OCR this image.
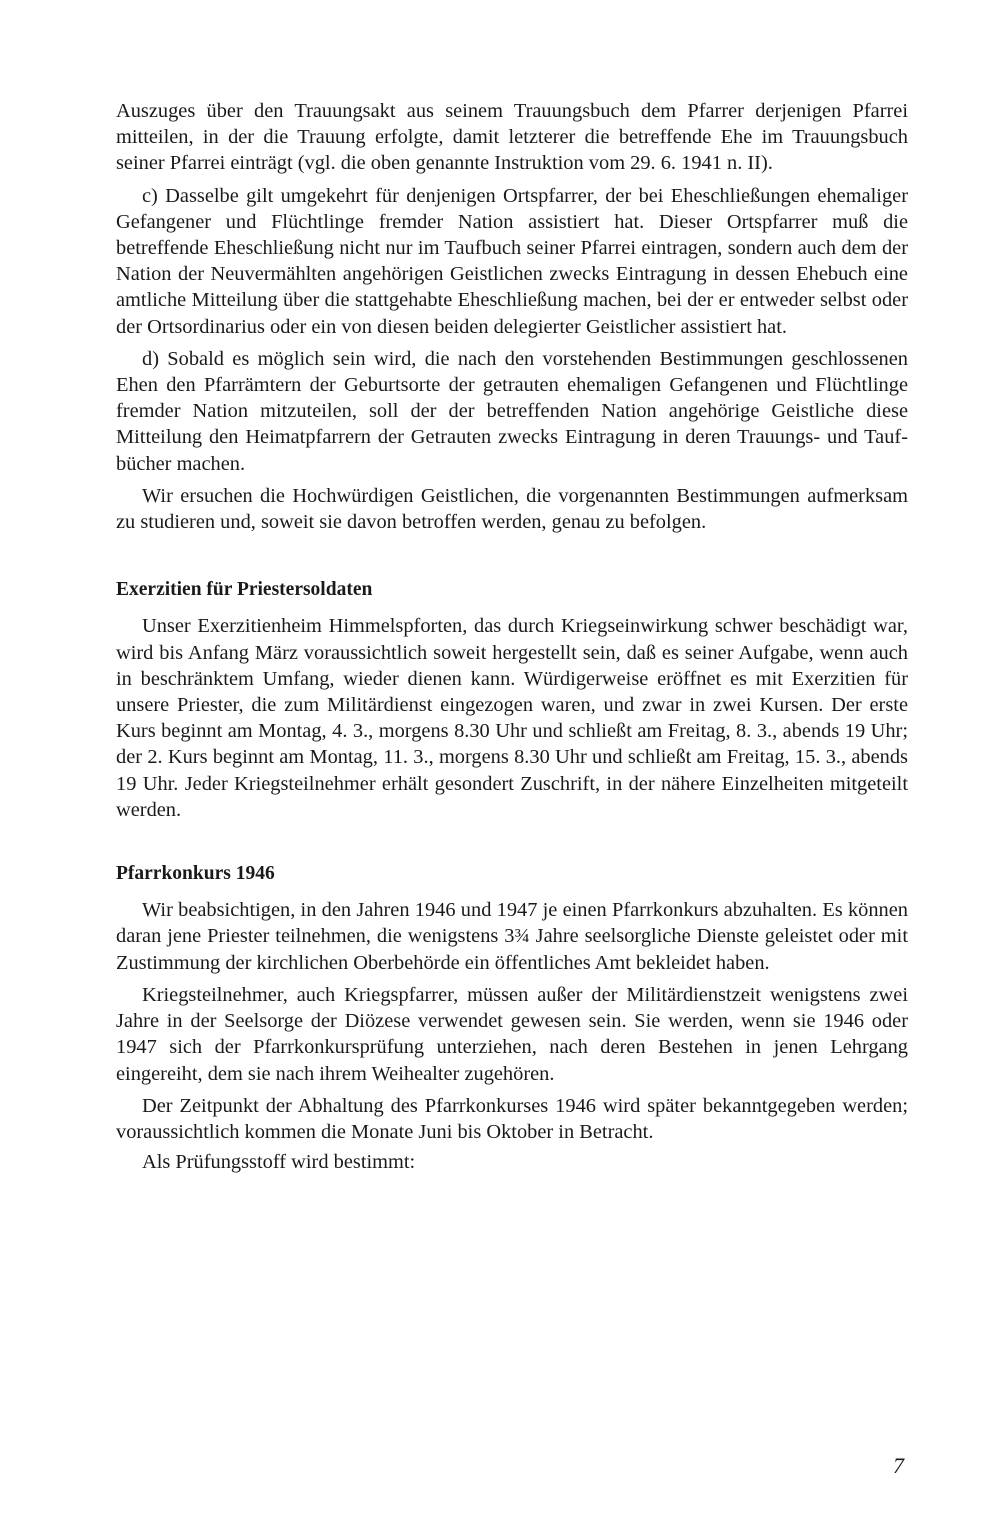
Auszuges über den Trauungsakt aus seinem Trauungsbuch dem Pfarrer derjenigen Pfarrei mitteilen, in der die Trauung erfolgte, damit letzterer die betreffende Ehe im Trauungsbuch seiner Pfarrei einträgt (vgl. die oben genannte Instruktion vom 29. 6. 1941 n. II).

c) Dasselbe gilt umgekehrt für denjenigen Ortspfarrer, der bei Eheschließungen ehemaliger Gefangener und Flüchtlinge fremder Nation assistiert hat. Dieser Ortspfarrer muß die betreffende Eheschließung nicht nur im Taufbuch seiner Pfarrei eintragen, sondern auch dem der Nation der Neuvermählten angehörigen Geistlichen zwecks Eintragung in dessen Ehebuch eine amtliche Mitteilung über die stattgehabte Eheschließung machen, bei der er entweder selbst oder der Ortsordinarius oder ein von diesen beiden delegierter Geistlicher assistiert hat.

d) Sobald es möglich sein wird, die nach den vorstehenden Bestimmungen geschlossenen Ehen den Pfarrämtern der Geburtsorte der getrauten ehemaligen Gefangenen und Flüchtlinge fremder Nation mitzuteilen, soll der der betreffenden Nation angehörige Geistliche diese Mitteilung den Heimatpfarrern der Getrauten zwecks Eintragung in deren Trauungs- und Taufbücher machen.

Wir ersuchen die Hochwürdigen Geistlichen, die vorgenannten Bestimmungen aufmerksam zu studieren und, soweit sie davon betroffen werden, genau zu befolgen.

Exerzitien für Priestersoldaten

Unser Exerzitienheim Himmelspforten, das durch Kriegseinwirkung schwer beschädigt war, wird bis Anfang März voraussichtlich soweit hergestellt sein, daß es seiner Aufgabe, wenn auch in beschränktem Umfang, wieder dienen kann. Würdigerweise eröffnet es mit Exerzitien für unsere Priester, die zum Militärdienst eingezogen waren, und zwar in zwei Kursen. Der erste Kurs beginnt am Montag, 4. 3., morgens 8.30 Uhr und schließt am Freitag, 8. 3., abends 19 Uhr; der 2. Kurs beginnt am Montag, 11. 3., morgens 8.30 Uhr und schließt am Freitag, 15. 3., abends 19 Uhr. Jeder Kriegsteilnehmer erhält gesondert Zuschrift, in der nähere Einzelheiten mitgeteilt werden.

Pfarrkonkurs 1946

Wir beabsichtigen, in den Jahren 1946 und 1947 je einen Pfarrkonkurs abzuhalten. Es können daran jene Priester teilnehmen, die wenigstens 3¾ Jahre seelsorgliche Dienste geleistet oder mit Zustimmung der kirchlichen Oberbehörde ein öffentliches Amt bekleidet haben.

Kriegsteilnehmer, auch Kriegspfarrer, müssen außer der Militärdienstzeit wenigstens zwei Jahre in der Seelsorge der Diözese verwendet gewesen sein. Sie werden, wenn sie 1946 oder 1947 sich der Pfarrkonkursprüfung unterziehen, nach deren Bestehen in jenen Lehrgang eingereiht, dem sie nach ihrem Weihealter zugehören.

Der Zeitpunkt der Abhaltung des Pfarrkonkurses 1946 wird später bekanntgegeben werden; voraussichtlich kommen die Monate Juni bis Oktober in Betracht.

Als Prüfungsstoff wird bestimmt:

7
